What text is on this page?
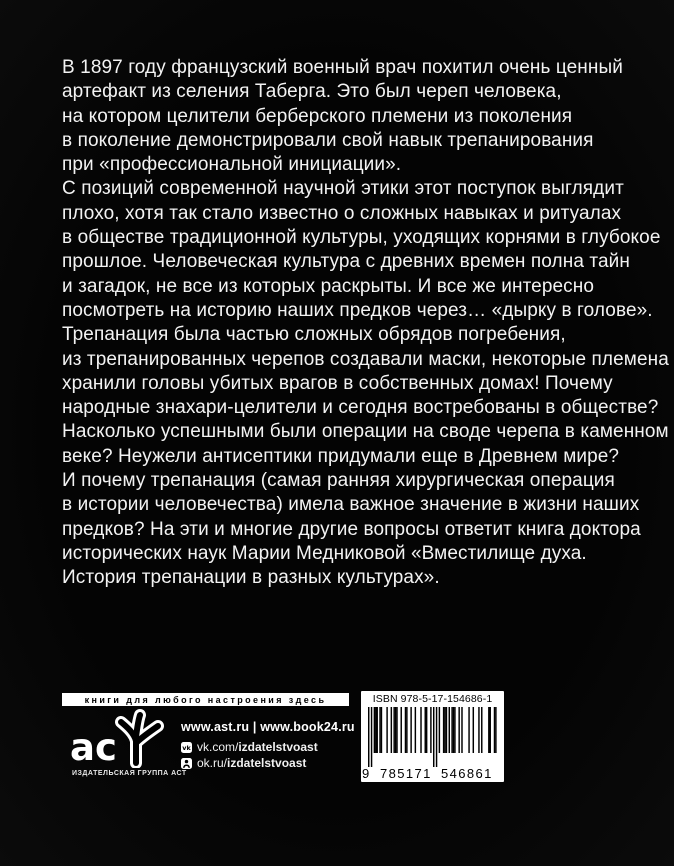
В 1897 году французский военный врач похитил очень ценный
артефакт из селения Таберга. Это был череп человека,
на котором целители берберского племени из поколения
в поколение демонстрировали свой навык трепанирования
при «профессиональной инициации».
С позиций современной научной этики этот поступок выглядит
плохо, хотя так стало известно о сложных навыках и ритуалах
в обществе традиционной культуры, уходящих корнями в глубокое
прошлое. Человеческая культура с древних времен полна тайн
и загадок, не все из которых раскрыты. И все же интересно
посмотреть на историю наших предков через… «дырку в голове».
Трепанация была частью сложных обрядов погребения,
из трепанированных черепов создавали маски, некоторые племена
хранили головы убитых врагов в собственных домах! Почему
народные знахари-целители и сегодня востребованы в обществе?
Насколько успешными были операции на своде черепа в каменном
веке? Неужели антисептики придумали еще в Древнем мире?
И почему трепанация (самая ранняя хирургическая операция
в истории человечества) имела важное значение в жизни наших
предков? На эти и многие другие вопросы ответит книга доктора
исторических наук Марии Медниковой «Вместилище духа.
История трепанации в разных культурах».
книги для любого настроения здесь
ас
ИЗДАТЕЛЬСКАЯ ГРУППА АСТ
www.ast.ru | www.book24.ru
vk vk.com/izdatelstvoast
ok.ru/izdatelstvoast
ISBN 978-5-17-154686-1
9 785171 546861
